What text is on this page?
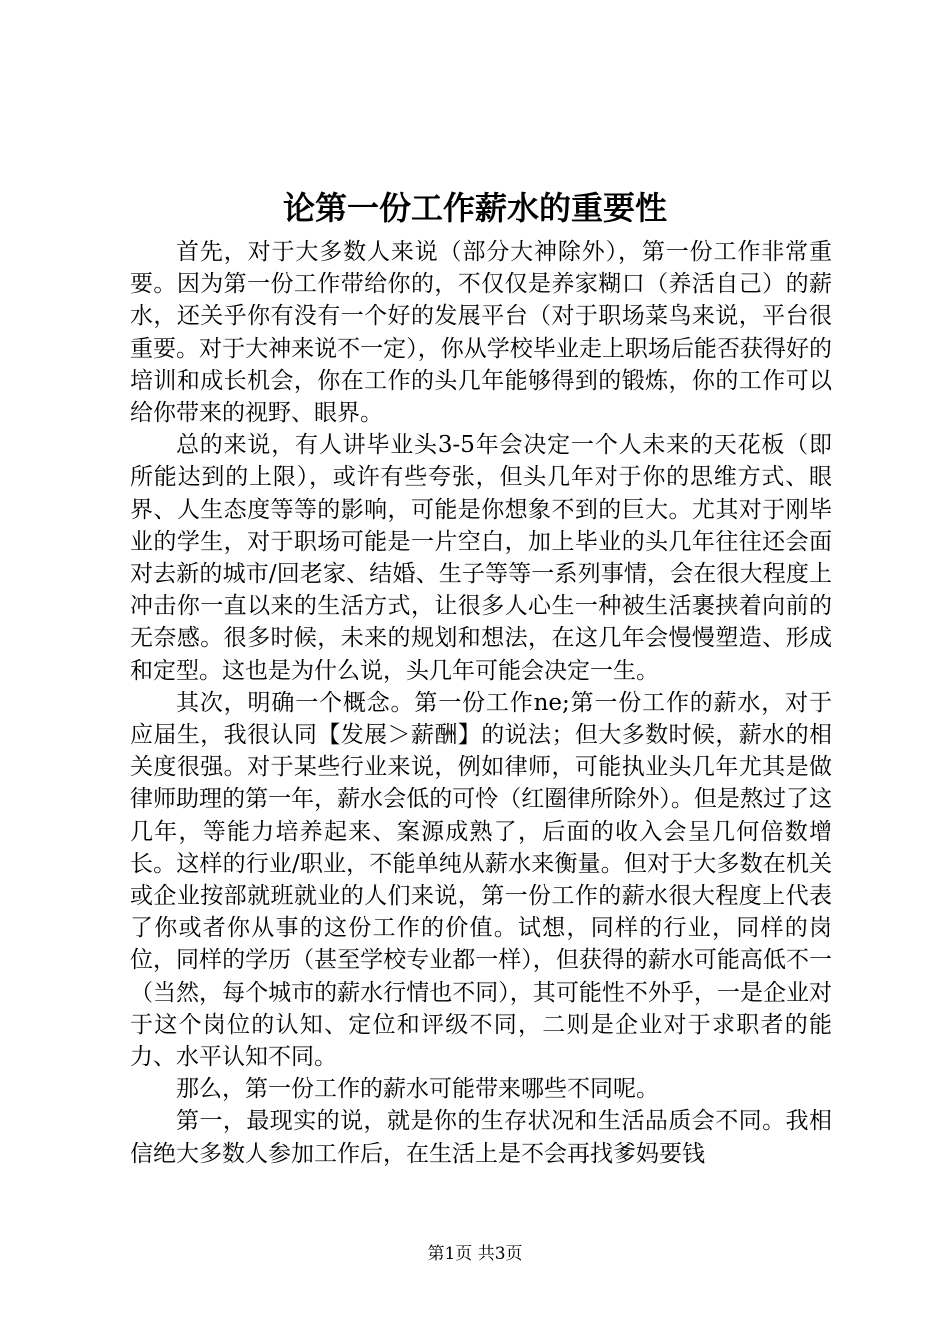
论第一份工作薪水的重要性

首先，对于大多数人来说（部分大神除外），第一份工作非常重要。因为第一份工作带给你的，不仅仅是养家糊口（养活自己）的薪水，还关乎你有没有一个好的发展平台（对于职场菜鸟来说，平台很重要。对于大神来说不一定），你从学校毕业走上职场后能否获得好的培训和成长机会，你在工作的头几年能够得到的锻炼，你的工作可以给你带来的视野、眼界。

总的来说，有人讲毕业头3-5年会决定一个人未来的天花板（即所能达到的上限），或许有些夸张，但头几年对于你的思维方式、眼界、人生态度等等的影响，可能是你想象不到的巨大。尤其对于刚毕业的学生，对于职场可能是一片空白，加上毕业的头几年往往还会面对去新的城市/回老家、结婚、生子等等一系列事情，会在很大程度上冲击你一直以来的生活方式，让很多人心生一种被生活裹挟着向前的无奈感。很多时候，未来的规划和想法，在这几年会慢慢塑造、形成和定型。这也是为什么说，头几年可能会决定一生。

其次，明确一个概念。第一份工作ne;第一份工作的薪水，对于应届生，我很认同【发展＞薪酬】的说法；但大多数时候，薪水的相关度很强。对于某些行业来说，例如律师，可能执业头几年尤其是做律师助理的第一年，薪水会低的可怜（红圈律所除外）。但是熬过了这几年，等能力培养起来、案源成熟了，后面的收入会呈几何倍数增长。这样的行业/职业，不能单纯从薪水来衡量。但对于大多数在机关或企业按部就班就业的人们来说，第一份工作的薪水很大程度上代表了你或者你从事的这份工作的价值。试想，同样的行业，同样的岗位，同样的学历（甚至学校专业都一样），但获得的薪水可能高低不一（当然，每个城市的薪水行情也不同），其可能性不外乎，一是企业对于这个岗位的认知、定位和评级不同，二则是企业对于求职者的能力、水平认知不同。

那么，第一份工作的薪水可能带来哪些不同呢。

第一，最现实的说，就是你的生存状况和生活品质会不同。我相信绝大多数人参加工作后，在生活上是不会再找爹妈要钱

第1页 共3页
